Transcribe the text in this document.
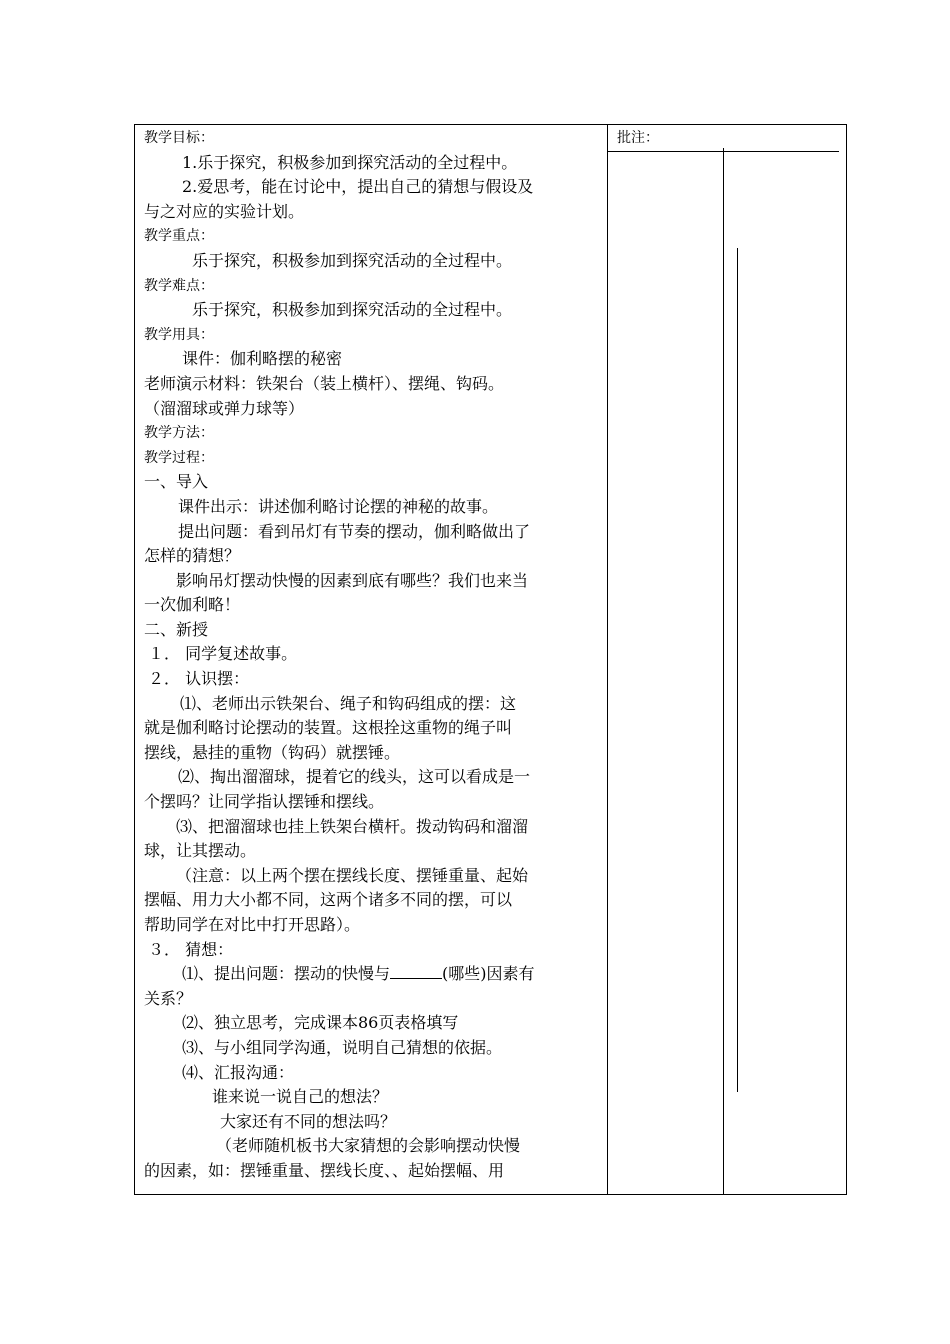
教学目标：
1.乐于探究，积极参加到探究活动的全过程中。
2.爱思考，能在讨论中，提出自己的猜想与假设及
与之对应的实验计划。
教学重点：
乐于探究，积极参加到探究活动的全过程中。
教学难点：
乐于探究，积极参加到探究活动的全过程中。
教学用具：
课件：伽利略摆的秘密
老师演示材料：铁架台（装上横杆）、摆绳、钩码。
（溜溜球或弹力球等）
教学方法：
教学过程：
一、导入
课件出示：讲述伽利略讨论摆的神秘的故事。
提出问题：看到吊灯有节奏的摆动，伽利略做出了
怎样的猜想？
影响吊灯摆动快慢的因素到底有哪些？我们也来当
一次伽利略！
二、新授
１． 同学复述故事。
２． 认识摆：
⑴、老师出示铁架台、绳子和钩码组成的摆：这
就是伽利略讨论摆动的装置。这根拴这重物的绳子叫
摆线，悬挂的重物（钩码）就摆锤。
⑵、掏出溜溜球，提着它的线头，这可以看成是一
个摆吗？让同学指认摆锤和摆线。
⑶、把溜溜球也挂上铁架台横杆。拨动钩码和溜溜
球，让其摆动。
（注意：以上两个摆在摆线长度、摆锤重量、起始
摆幅、用力大小都不同，这两个诸多不同的摆，可以
帮助同学在对比中打开思路）。
３． 猜想：
⑴、提出问题：摆动的快慢与	(哪些)因素有
关系？
⑵、独立思考，完成课本86页表格填写
⑶、与小组同学沟通，说明自己猜想的依据。
⑷、汇报沟通：
谁来说一说自己的想法？
大家还有不同的想法吗？
（老师随机板书大家猜想的会影响摆动快慢
的因素，如：摆锤重量、摆线长度、、起始摆幅、用
批注：
